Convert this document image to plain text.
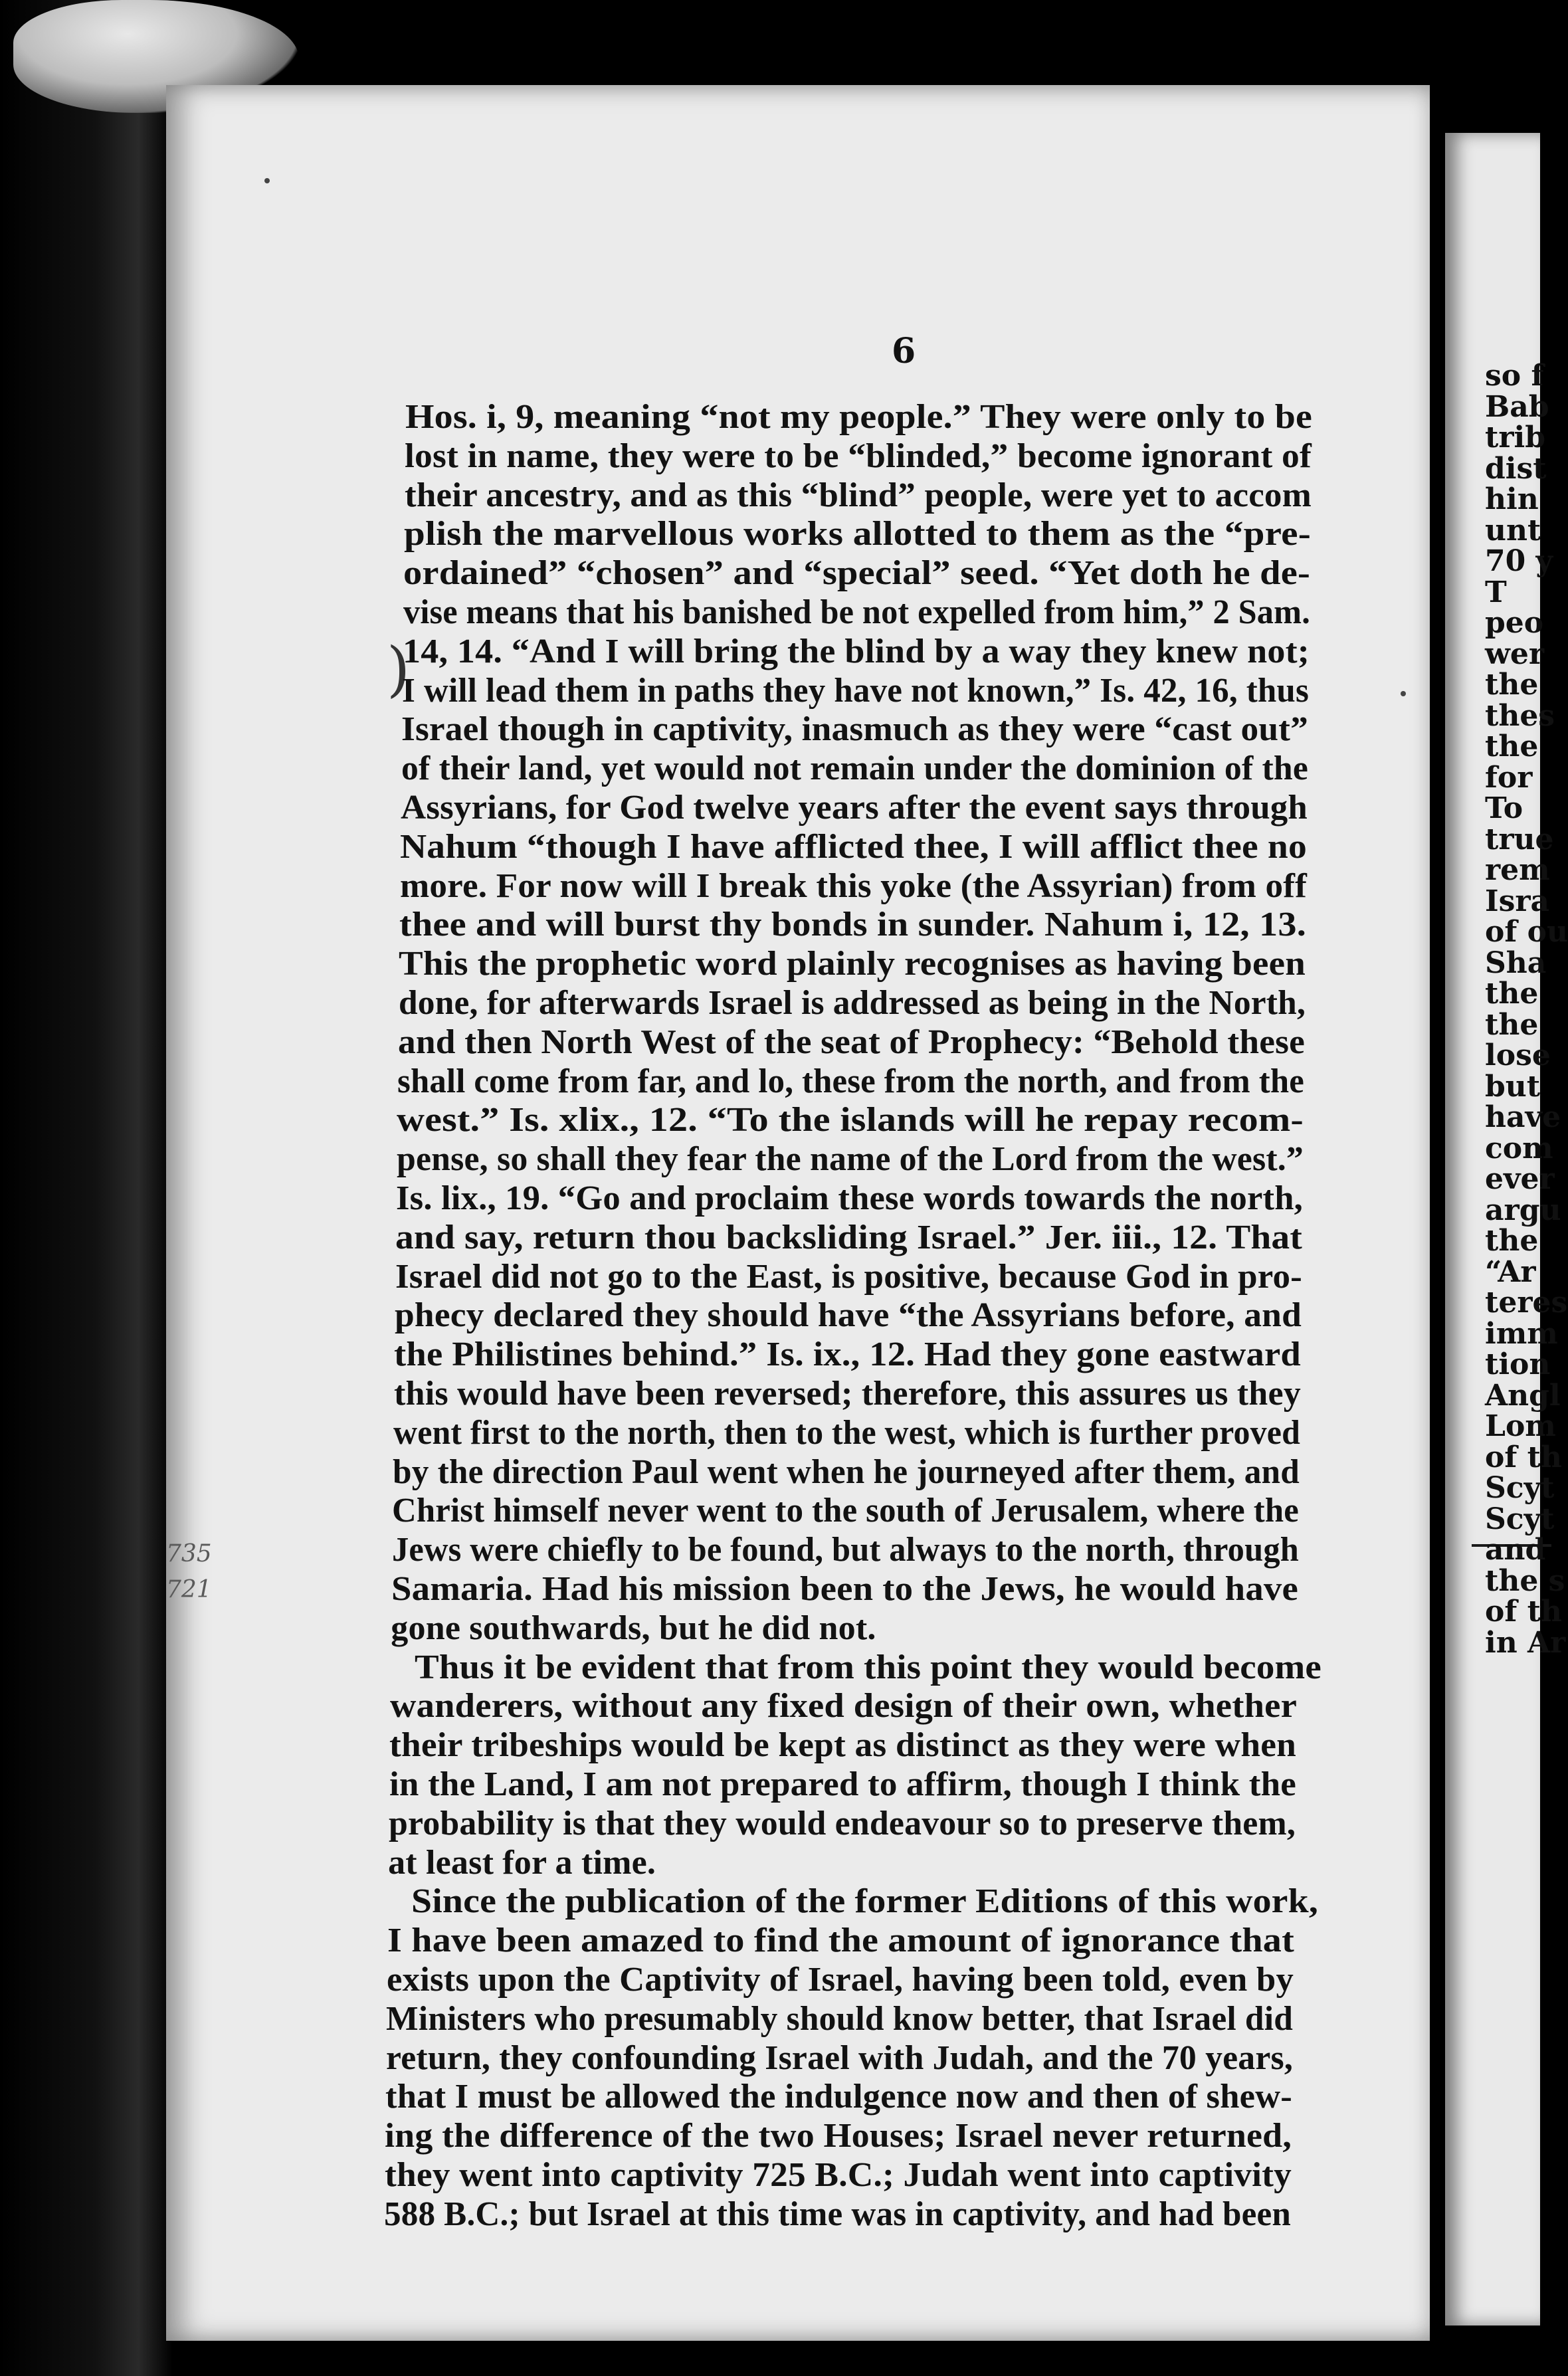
so f
Bab
trib
dist
hin
unt
70 y
T
peo
wer
the
thes
the
for
To
true
rem
Isra
of ou
Sha
the
the
lose
but
have
com
ever
argu
the
“Ar
teres
imm
tion
Angl
Lom
of th
Scyt
Scyt
and
the s
of th
in Ar
6
)
Hos. i, 9, meaning “not my people.” They were only to be
lost in name, they were to be “blinded,” become ignorant of
their ancestry, and as this “blind” people, were yet to accom
plish the marvellous works allotted to them as the “pre-
ordained” “chosen” and “special” seed. “Yet doth he de-
vise means that his banished be not expelled from him,” 2 Sam.
14, 14. “And I will bring the blind by a way they knew not;
I will lead them in paths they have not known,” Is. 42, 16, thus
Israel though in captivity, inasmuch as they were “cast out”
of their land, yet would not remain under the dominion of the
Assyrians, for God twelve years after the event says through
Nahum “though I have afflicted thee, I will afflict thee no
more. For now will I break this yoke (the Assyrian) from off
thee and will burst thy bonds in sunder. Nahum i, 12, 13.
This the prophetic word plainly recognises as having been
done, for afterwards Israel is addressed as being in the North,
and then North West of the seat of Prophecy: “Behold these
shall come from far, and lo, these from the north, and from the
west.” Is. xlix., 12. “To the islands will he repay recom-
pense, so shall they fear the name of the Lord from the west.”
Is. lix., 19. “Go and proclaim these words towards the north,
and say, return thou backsliding Israel.” Jer. iii., 12. That
Israel did not go to the East, is positive, because God in pro-
phecy declared they should have “the Assyrians before, and
the Philistines behind.” Is. ix., 12. Had they gone eastward
this would have been reversed; therefore, this assures us they
went first to the north, then to the west, which is further proved
by the direction Paul went when he journeyed after them, and
Christ himself never went to the south of Jerusalem, where the
Jews were chiefly to be found, but always to the north, through
Samaria. Had his mission been to the Jews, he would have
gone southwards, but he did not.
Thus it be evident that from this point they would become
wanderers, without any fixed design of their own, whether
their tribeships would be kept as distinct as they were when
in the Land, I am not prepared to affirm, though I think the
probability is that they would endeavour so to preserve them,
at least for a time.
Since the publication of the former Editions of this work,
I have been amazed to find the amount of ignorance that
exists upon the Captivity of Israel, having been told, even by
Ministers who presumably should know better, that Israel did
return, they confounding Israel with Judah, and the 70 years,
that I must be allowed the indulgence now and then of shew-
ing the difference of the two Houses; Israel never returned,
they went into captivity 725 B.C.; Judah went into captivity
588 B.C.; but Israel at this time was in captivity, and had been
735
721
